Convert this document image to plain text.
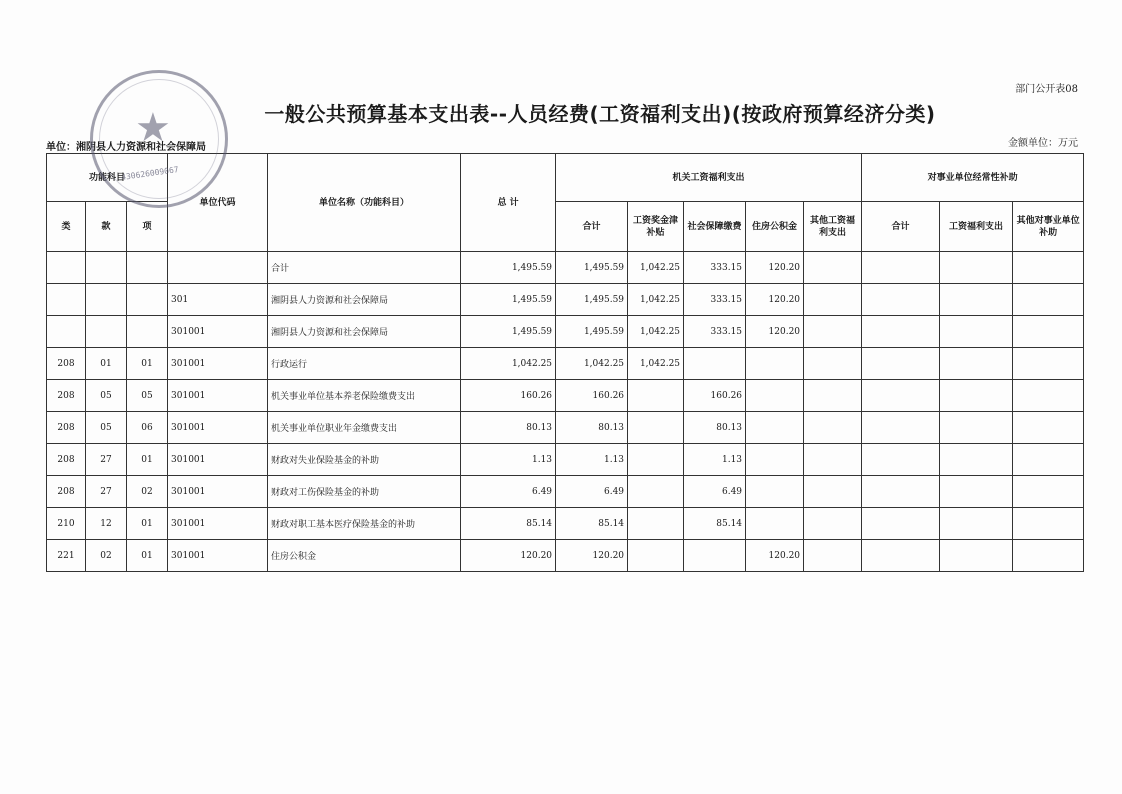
部门公开表08
一般公共预算基本支出表--人员经费(工资福利支出)(按政府预算经济分类)
单位：湘阴县人力资源和社会保障局	金额单位：万元
功能科目			单位代码	单位名称（功能科目）	总 计	机关工资福利支出					对事业单位经常性补助		
类	款	项				合计	工资奖金津补贴	社会保障缴费	住房公积金	其他工资福利支出	合计	工资福利支出	其他对事业单位补助
				合计	1,495.59	1,495.59	1,042.25	333.15	120.20				
			301	湘阴县人力资源和社会保障局	1,495.59	1,495.59	1,042.25	333.15	120.20				
			301001	湘阴县人力资源和社会保障局	1,495.59	1,495.59	1,042.25	333.15	120.20				
208	01	01	301001	行政运行	1,042.25	1,042.25	1,042.25						
208	05	05	301001	机关事业单位基本养老保险缴费支出	160.26	160.26		160.26					
208	05	06	301001	机关事业单位职业年金缴费支出	80.13	80.13		80.13					
208	27	01	301001	财政对失业保险基金的补助	1.13	1.13		1.13					
208	27	02	301001	财政对工伤保险基金的补助	6.49	6.49		6.49					
210	12	01	301001	财政对职工基本医疗保险基金的补助	85.14	85.14		85.14					
221	02	01	301001	住房公积金	120.20	120.20			120.20				
★
430626009067
